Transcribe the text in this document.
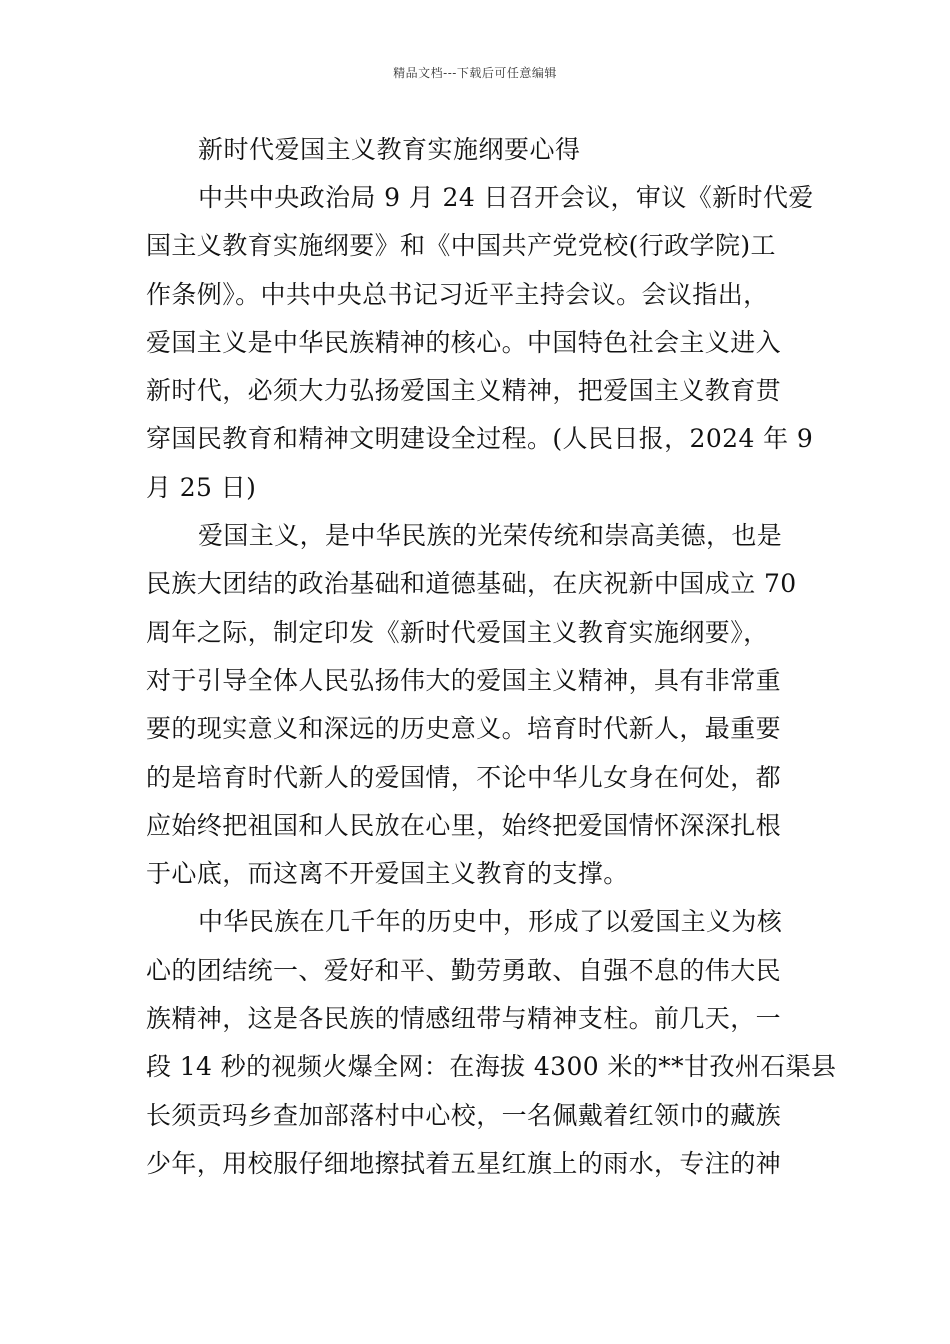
精品文档---下载后可任意编辑
新时代爱国主义教育实施纲要心得

中共中央政治局 9 月 24 日召开会议，审议《新时代爱
国主义教育实施纲要》和《中国共产党党校(行政学院)工
作条例》。中共中央总书记习近平主持会议。会议指出，
爱国主义是中华民族精神的核心。中国特色社会主义进入
新时代，必须大力弘扬爱国主义精神，把爱国主义教育贯
穿国民教育和精神文明建设全过程。(人民日报，2024 年 9
月 25 日)

爱国主义，是中华民族的光荣传统和崇高美德，也是
民族大团结的政治基础和道德基础，在庆祝新中国成立 70
周年之际，制定印发《新时代爱国主义教育实施纲要》，
对于引导全体人民弘扬伟大的爱国主义精神，具有非常重
要的现实意义和深远的历史意义。培育时代新人，最重要
的是培育时代新人的爱国情，不论中华儿女身在何处，都
应始终把祖国和人民放在心里，始终把爱国情怀深深扎根
于心底，而这离不开爱国主义教育的支撑。

中华民族在几千年的历史中，形成了以爱国主义为核
心的团结统一、爱好和平、勤劳勇敢、自强不息的伟大民
族精神，这是各民族的情感纽带与精神支柱。前几天，一
段 14 秒的视频火爆全网：在海拔 4300 米的**甘孜州石渠县
长须贡玛乡查加部落村中心校，一名佩戴着红领巾的藏族
少年，用校服仔细地擦拭着五星红旗上的雨水，专注的神
